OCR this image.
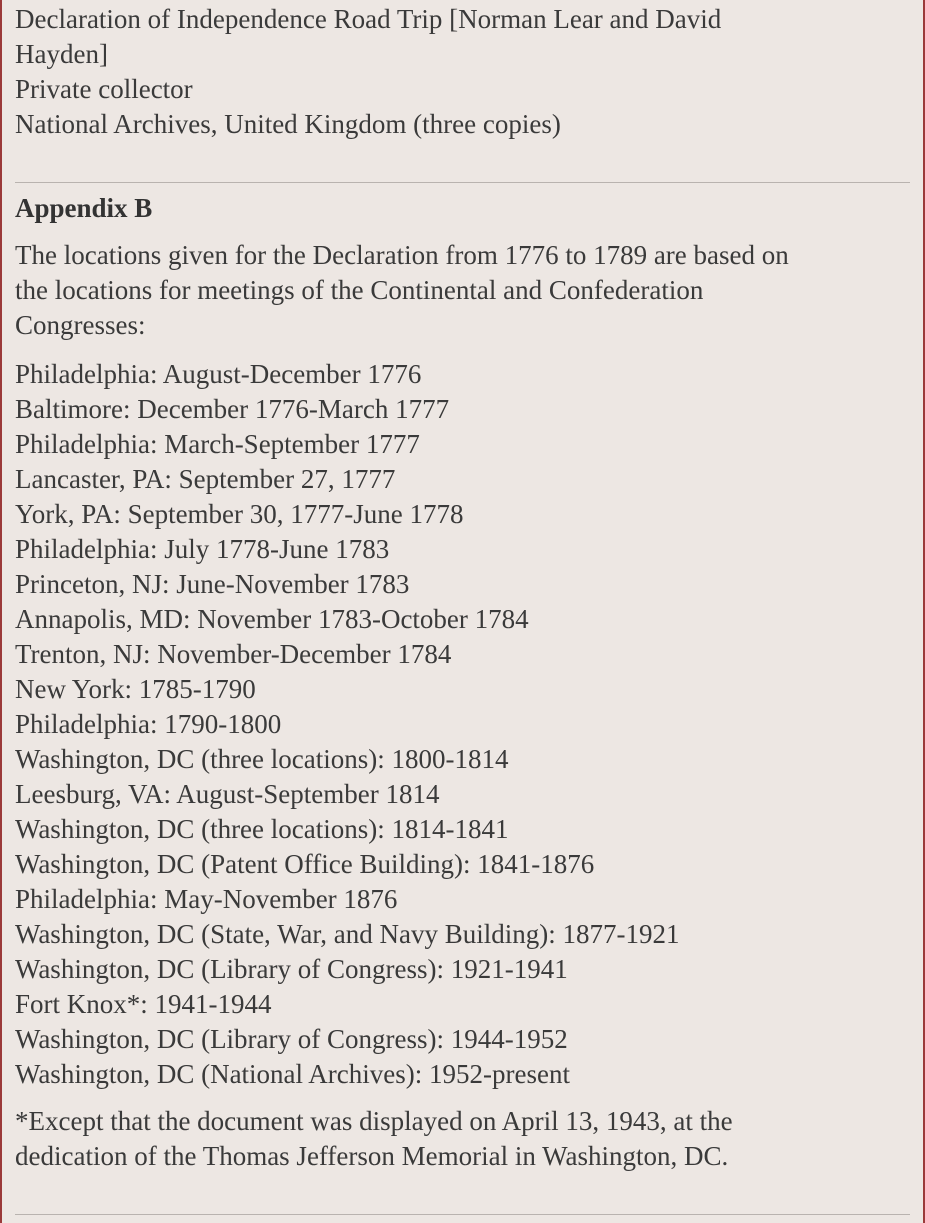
Declaration of Independence Road Trip [Norman Lear and David
Hayden]
Private collector
National Archives, United Kingdom (three copies)
Appendix B
The locations given for the Declaration from 1776 to 1789 are based on
the locations for meetings of the Continental and Confederation
Congresses:
Philadelphia: August-December 1776
Baltimore: December 1776-March 1777
Philadelphia: March-September 1777
Lancaster, PA: September 27, 1777
York, PA: September 30, 1777-June 1778
Philadelphia: July 1778-June 1783
Princeton, NJ: June-November 1783
Annapolis, MD: November 1783-October 1784
Trenton, NJ: November-December 1784
New York: 1785-1790
Philadelphia: 1790-1800
Washington, DC (three locations): 1800-1814
Leesburg, VA: August-September 1814
Washington, DC (three locations): 1814-1841
Washington, DC (Patent Office Building): 1841-1876
Philadelphia: May-November 1876
Washington, DC (State, War, and Navy Building): 1877-1921
Washington, DC (Library of Congress): 1921-1941
Fort Knox*: 1941-1944
Washington, DC (Library of Congress): 1944-1952
Washington, DC (National Archives): 1952-present
*Except that the document was displayed on April 13, 1943, at the
dedication of the Thomas Jefferson Memorial in Washington, DC.
